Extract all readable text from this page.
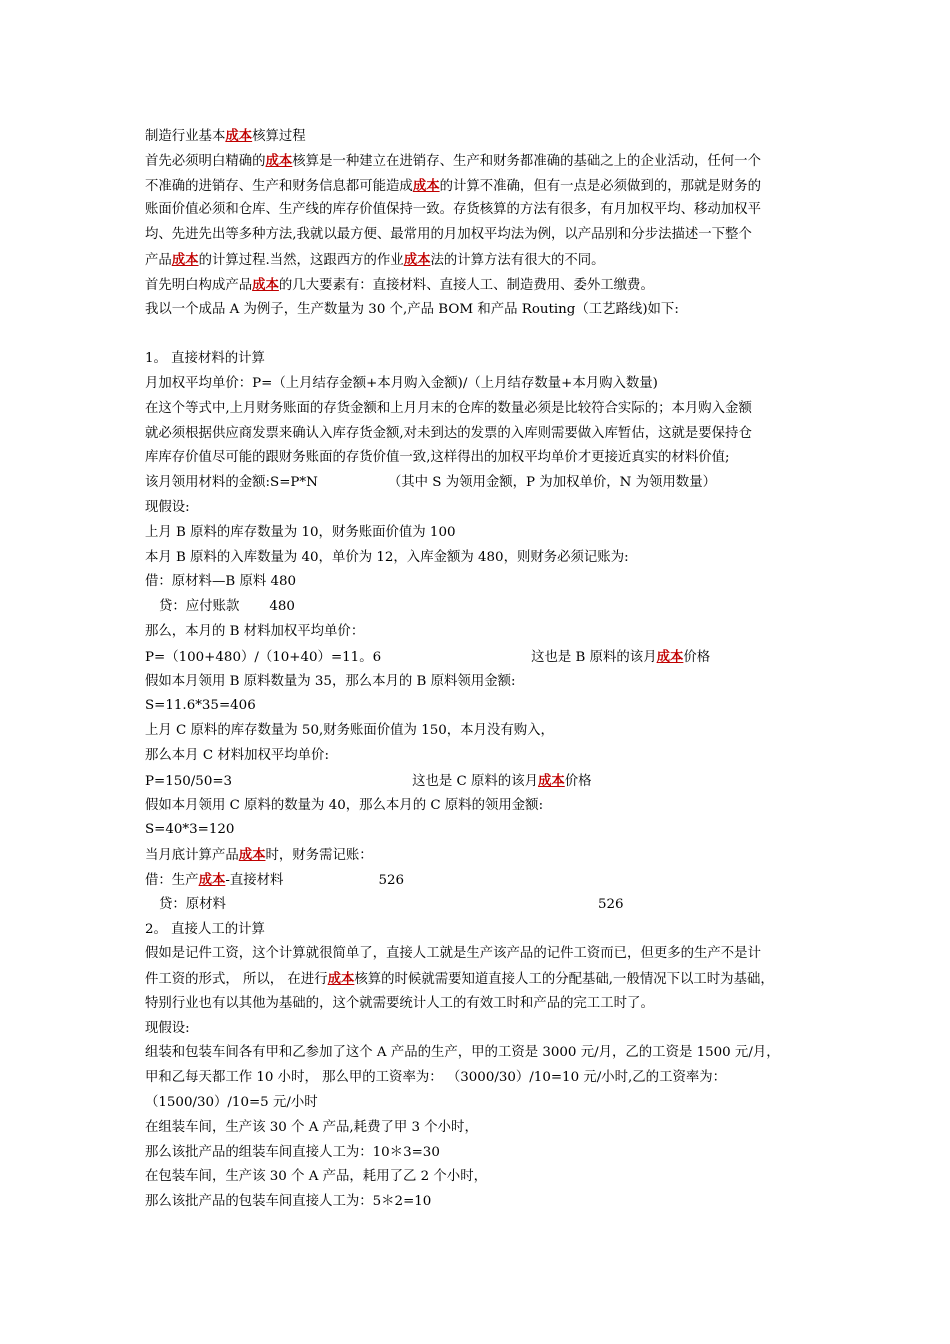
制造行业基本成本核算过程
首先必须明白精确的成本核算是一种建立在进销存、生产和财务都准确的基础之上的企业活动，任何一个
不准确的进销存、生产和财务信息都可能造成成本的计算不准确，但有一点是必须做到的，那就是财务的
账面价值必须和仓库、生产线的库存价值保持一致。存货核算的方法有很多，有月加权平均、移动加权平
均、先进先出等多种方法,我就以最方便、最常用的月加权平均法为例，以产品别和分步法描述一下整个
产品成本的计算过程.当然，这跟西方的作业成本法的计算方法有很大的不同。
首先明白构成产品成本的几大要素有：直接材料、直接人工、制造费用、委外工缴费。
我以一个成品 A 为例子，生产数量为 30 个,产品 BOM 和产品 Routing（工艺路线)如下:
1。 直接材料的计算
月加权平均单价：P=（上月结存金额+本月购入金额)/（上月结存数量+本月购入数量)
在这个等式中,上月财务账面的存货金额和上月月末的仓库的数量必须是比较符合实际的；本月购入金额
就必须根据供应商发票来确认入库存货金额,对未到达的发票的入库则需要做入库暂估，这就是要保持仓
库库存价值尽可能的跟财务账面的存货价值一致,这样得出的加权平均单价才更接近真实的材料价值;
该月领用材料的金额:S=P*N	（其中 S 为领用金额，P 为加权单价，N 为领用数量）
现假设:
上月 B 原料的库存数量为 10，财务账面价值为 100
本月 B 原料的入库数量为 40，单价为 12，入库金额为 480，则财务必须记账为:
借：原材料—B 原料 480
贷：应付账款 480
那么，本月的 B 材料加权平均单价：
P=（100+480）/（10+40）=11。6	这也是 B 原料的该月成本价格
假如本月领用 B 原料数量为 35，那么本月的 B 原料领用金额:
S=11.6*35=406
上月 C 原料的库存数量为 50,财务账面价值为 150，本月没有购入，
那么本月 C 材料加权平均单价:
P=150/50=3	这也是 C 原料的该月成本价格
假如本月领用 C 原料的数量为 40，那么本月的 C 原料的领用金额:
S=40*3=120
当月底计算产品成本时，财务需记账：
借：生产成本-直接材料	526
贷：原材料	526
2。 直接人工的计算
假如是记件工资，这个计算就很简单了，直接人工就是生产该产品的记件工资而已，但更多的生产不是计
件工资的形式， 所以， 在进行成本核算的时候就需要知道直接人工的分配基础,一般情况下以工时为基础，
特别行业也有以其他为基础的，这个就需要统计人工的有效工时和产品的完工工时了。
现假设:
组装和包装车间各有甲和乙参加了这个 A 产品的生产，甲的工资是 3000 元/月，乙的工资是 1500 元/月，
甲和乙每天都工作 10 小时， 那么甲的工资率为： （3000/30）/10=10 元/小时,乙的工资率为：
（1500/30）/10=5 元/小时
在组装车间，生产该 30 个 A 产品,耗费了甲 3 个小时，
那么该批产品的组装车间直接人工为：10＊3=30
在包装车间，生产该 30 个 A 产品，耗用了乙 2 个小时，
那么该批产品的包装车间直接人工为：5＊2=10
